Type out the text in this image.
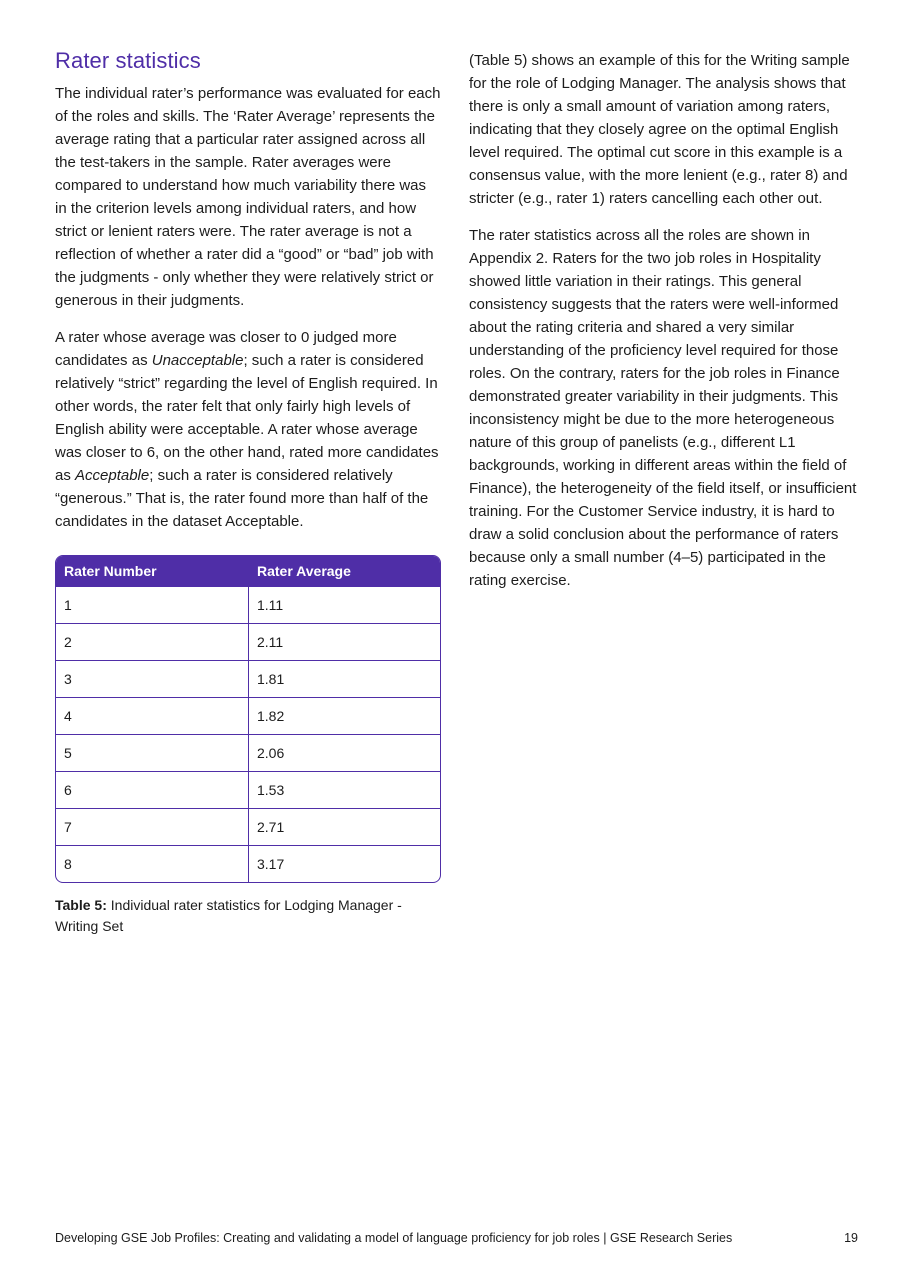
Rater statistics

The individual rater’s performance was evaluated for each of the roles and skills. The ‘Rater Average’ represents the average rating that a particular rater assigned across all the test-takers in the sample. Rater averages were compared to understand how much variability there was in the criterion levels among individual raters, and how strict or lenient raters were. The rater average is not a reflection of whether a rater did a “good” or “bad” job with the judgments - only whether they were relatively strict or generous in their judgments.

A rater whose average was closer to 0 judged more candidates as Unacceptable; such a rater is considered relatively “strict” regarding the level of English required. In other words, the rater felt that only fairly high levels of English ability were acceptable. A rater whose average was closer to 6, on the other hand, rated more candidates as Acceptable; such a rater is considered relatively “generous.” That is, the rater found more than half of the candidates in the dataset Acceptable.

Rater Number	Rater Average
1	1.11
2	2.11
3	1.81
4	1.82
5	2.06
6	1.53
7	2.71
8	3.17
Table 5: Individual rater statistics for Lodging Manager - Writing Set

(Table 5) shows an example of this for the Writing sample for the role of Lodging Manager. The analysis shows that there is only a small amount of variation among raters, indicating that they closely agree on the optimal English level required. The optimal cut score in this example is a consensus value, with the more lenient (e.g., rater 8) and stricter (e.g., rater 1) raters cancelling each other out.

The rater statistics across all the roles are shown in Appendix 2. Raters for the two job roles in Hospitality showed little variation in their ratings. This general consistency suggests that the raters were well-informed about the rating criteria and shared a very similar understanding of the proficiency level required for those roles. On the contrary, raters for the job roles in Finance demonstrated greater variability in their judgments. This inconsistency might be due to the more heterogeneous nature of this group of panelists (e.g., different L1 backgrounds, working in different areas within the field of Finance), the heterogeneity of the field itself, or insufficient training. For the Customer Service industry, it is hard to draw a solid conclusion about the performance of raters because only a small number (4–5) participated in the rating exercise.

Developing GSE Job Profiles: Creating and validating a model of language proficiency for job roles | GSE Research Series	19
